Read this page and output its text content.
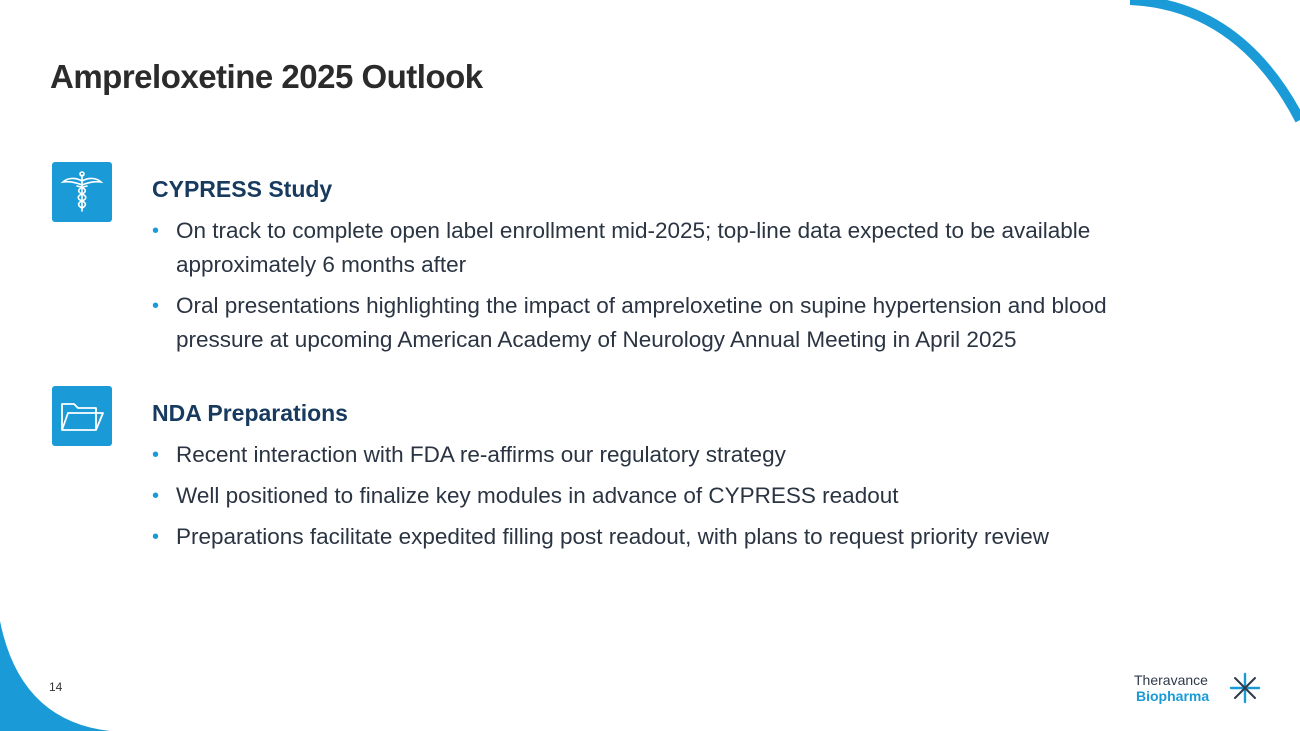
Ampreloxetine 2025 Outlook
CYPRESS Study
• On track to complete open label enrollment mid-2025; top-line data expected to be available approximately 6 months after
• Oral presentations highlighting the impact of ampreloxetine on supine hypertension and blood pressure at upcoming American Academy of Neurology Annual Meeting in April 2025
NDA Preparations
• Recent interaction with FDA re-affirms our regulatory strategy
• Well positioned to finalize key modules in advance of CYPRESS readout
• Preparations facilitate expedited filling post readout, with plans to request priority review
14	Theravance
Biopharma
